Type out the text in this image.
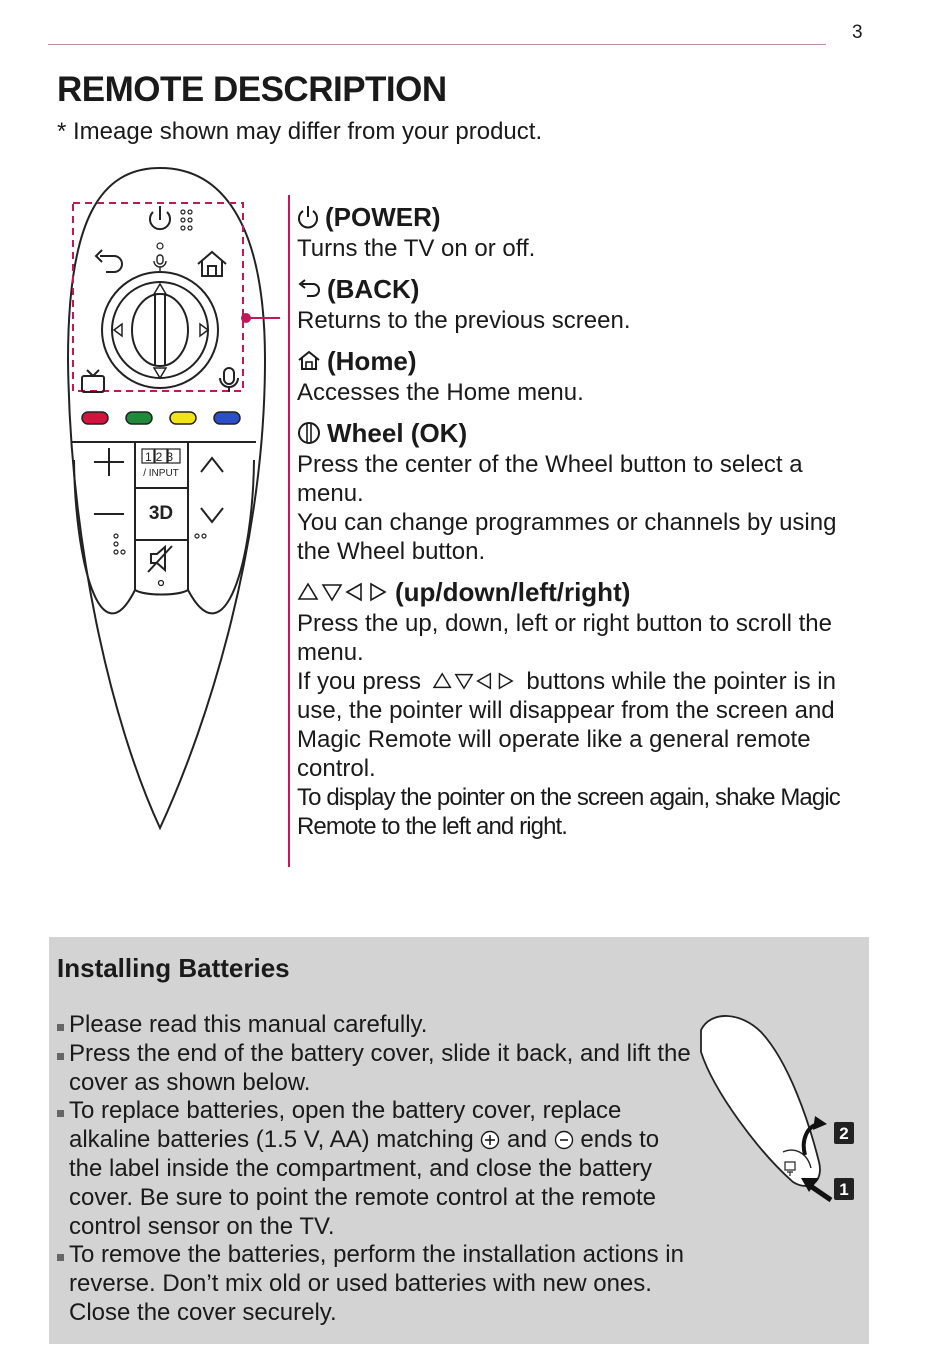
3
REMOTE DESCRIPTION
* Imeage shown may differ from your product.
123
/ INPUT
3D
(POWER)
Turns the TV on or off.
(BACK)
Returns to the previous screen.
(Home)
Accesses the Home menu.
Wheel (OK)
Press the center of the Wheel button to select a menu.
You can change programmes or channels by using the Wheel button.
(up/down/left/right)
Press the up, down, left or right button to scroll the menu.
If you press	buttons while the pointer is in use, the pointer will disappear from the screen and Magic Remote will operate like a general remote control.
To display the pointer on the screen again, shake Magic Remote to the left and right.
Installing Batteries
Please read this manual carefully.
Press the end of the battery cover, slide it back, and lift the cover as shown below.
To replace batteries, open the battery cover, replace alkaline batteries (1.5 V, AA) matching and ends to the label inside the compartment, and close the battery cover. Be sure to point the remote control at the remote control sensor on the TV.
To remove the batteries, perform the installation actions in reverse. Don’t mix old or used batteries with new ones. Close the cover securely.
2
1
